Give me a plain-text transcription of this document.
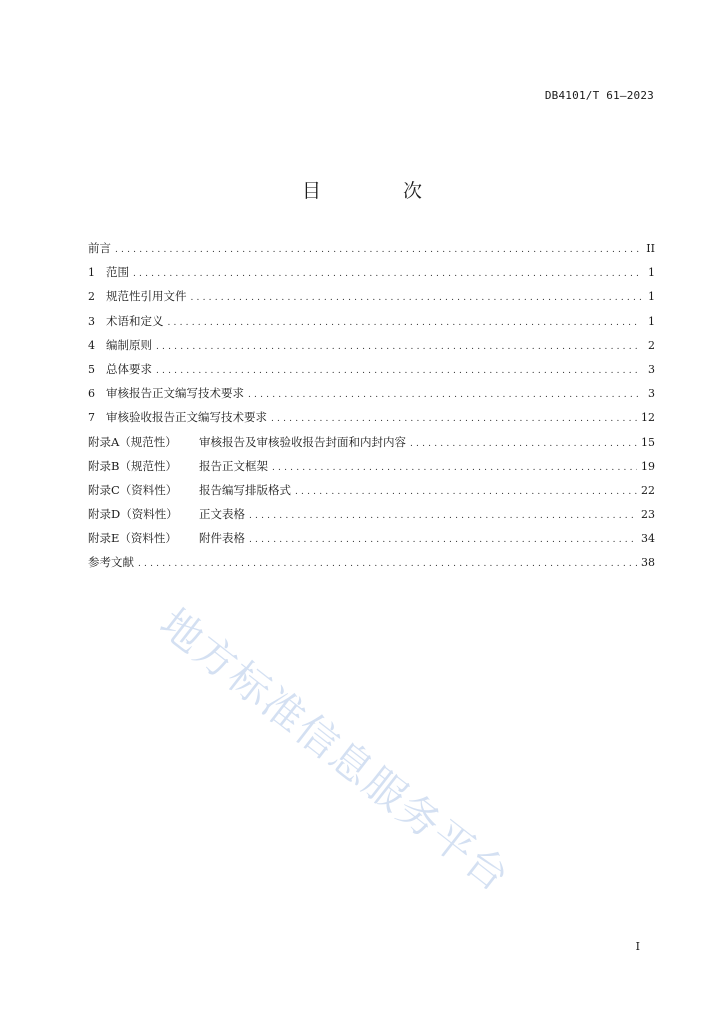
DB4101/T 61—2023
目 次
前言 .....	II
1 范围 .....	1
2 规范性引用文件 .....	1
3 术语和定义 .....	1
4 编制原则 .....	2
5 总体要求 .....	3
6 审核报告正文编写技术要求 .....	3
7 审核验收报告正文编写技术要求 .....	12
附录A（规范性）	审核报告及审核验收报告封面和内封内容 .....	15
附录B（规范性）	报告正文框架 .....	19
附录C（资料性）	报告编写排版格式 .....	22
附录D（资料性）	正文表格 .....	23
附录E（资料性）	附件表格 .....	34
参考文献 .....	38
地方标准信息服务平台
I
